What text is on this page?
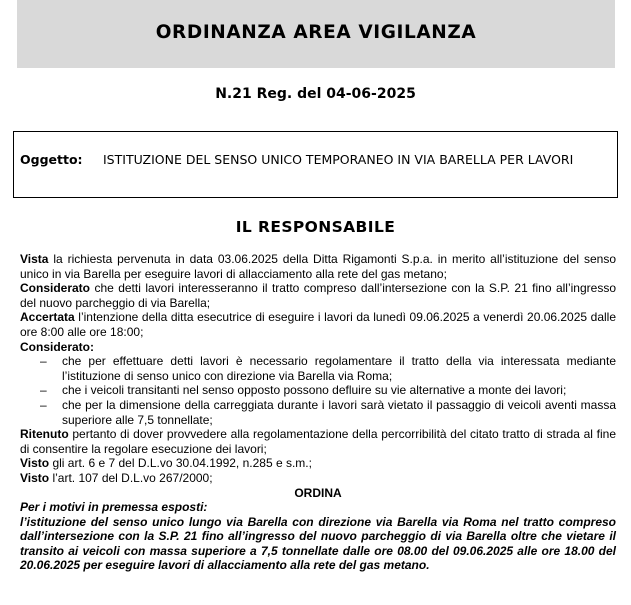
ORDINANZA AREA VIGILANZA
N.21 Reg. del 04-06-2025
Oggetto:	ISTITUZIONE DEL SENSO UNICO TEMPORANEO IN VIA BARELLA PER LAVORI
IL RESPONSABILE

Vista la richiesta pervenuta in data 03.06.2025 della Ditta Rigamonti S.p.a. in merito all’istituzione del senso unico in via Barella per eseguire lavori di allacciamento alla rete del gas metano;

Considerato che detti lavori interesseranno il tratto compreso dall’intersezione con la S.P. 21 fino all’ingresso del nuovo parcheggio di via Barella;

Accertata l’intenzione della ditta esecutrice di eseguire i lavori da lunedì 09.06.2025 a venerdì 20.06.2025 dalle ore 8:00 alle ore 18:00;

Considerato:

– che per effettuare detti lavori è necessario regolamentare il tratto della via interessata mediante l’istituzione di senso unico con direzione via Barella via Roma;
– che i veicoli transitanti nel senso opposto possono defluire su vie alternative a monte dei lavori;
– che per la dimensione della carreggiata durante i lavori sarà vietato il passaggio di veicoli aventi massa superiore alle 7,5 tonnellate;

Ritenuto pertanto di dover provvedere alla regolamentazione della percorribilità del citato tratto di strada al fine di consentire la regolare esecuzione dei lavori;

Visto gli art. 6 e 7 del D.L.vo 30.04.1992, n.285 e s.m.;

Visto l’art. 107 del D.L.vo 267/2000;

ORDINA

Per i motivi in premessa esposti:

l’istituzione del senso unico lungo via Barella con direzione via Barella via Roma nel tratto compreso dall’intersezione con la S.P. 21 fino all’ingresso del nuovo parcheggio di via Barella oltre che vietare il transito ai veicoli con massa superiore a 7,5 tonnellate dalle ore 08.00 del 09.06.2025 alle ore 18.00 del 20.06.2025 per eseguire lavori di allacciamento alla rete del gas metano.
